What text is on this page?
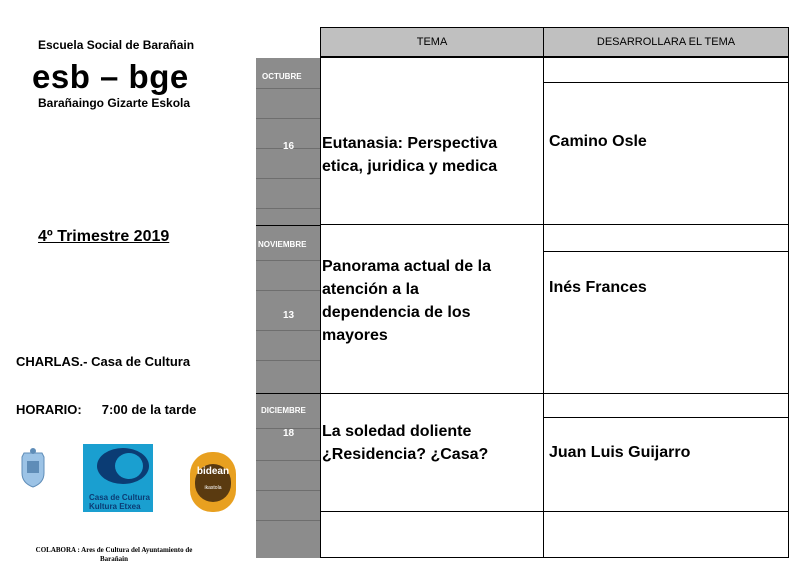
Escuela Social de Barañain
esb – bge
Barañaingo Gizarte Eskola
4º Trimestre 2019
CHARLAS.- Casa de Cultura
HORARIO: 7:00 de la tarde
Casa de Cultura
Kultura Etxea
bidean
ikastola
COLABORA : Ares de Cultura del Ayuntamiento de Barañain
TEMA	DESARROLLARA EL TEMA
OCTUBRE
16 Eutanasia: Perspectiva etica, juridica y medica
Camino Osle
NOVIEMBRE
13
Panorama actual de la atención a la dependencia de los mayores
Inés Frances
DICIEMBRE
18 La soledad doliente ¿Residencia? ¿Casa?	Juan Luis Guijarro
